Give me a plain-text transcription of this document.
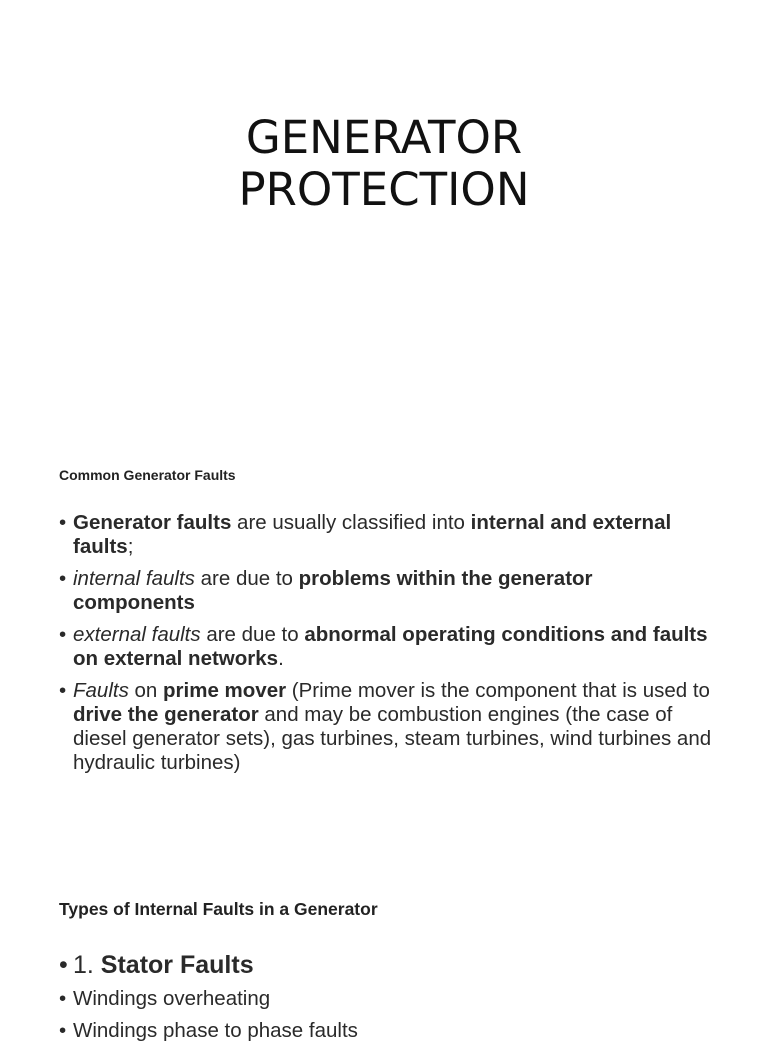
GENERATOR
PROTECTION
Common Generator Faults
• Generator faults are usually classified into internal and external faults;
• internal faults are due to problems within the generator components
• external faults are due to abnormal operating conditions and faults on external networks.
• Faults on prime mover (Prime mover is the component that is used to drive the generator and may be combustion engines (the case of diesel generator sets), gas turbines, steam turbines, wind turbines and hydraulic turbines)
Types of Internal Faults in a Generator
• 1. Stator Faults
• Windings overheating
• Windings phase to phase faults
